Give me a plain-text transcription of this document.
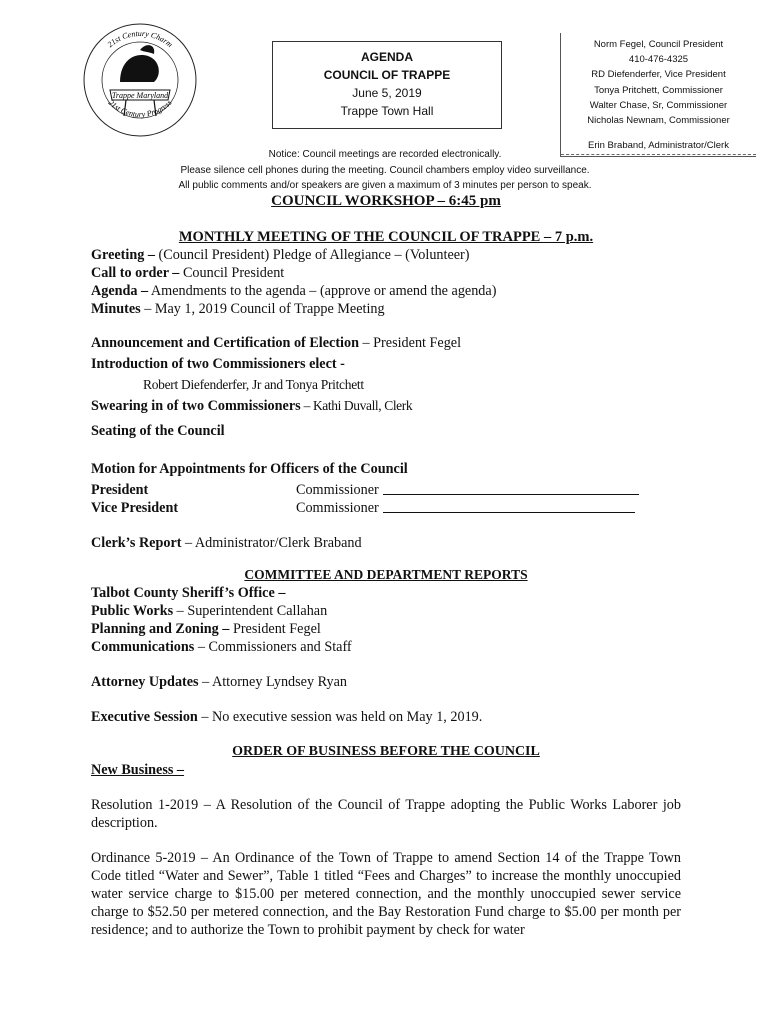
Trappe Maryland
21st Century Charm
21st Century Progress
AGENDA
COUNCIL OF TRAPPE
June 5, 2019
Trappe Town Hall
Norm Fegel, Council President
410-476-4325
RD Diefenderfer, Vice President
Tonya Pritchett, Commissioner
Walter Chase, Sr, Commissioner
Nicholas Newnam, Commissioner
Erin Braband, Administrator/Clerk
Notice: Council meetings are recorded electronically.
Please silence cell phones during the meeting. Council chambers employ video surveillance.
All public comments and/or speakers are given a maximum of 3 minutes per person to speak.
COUNCIL WORKSHOP – 6:45 pm
MONTHLY MEETING OF THE COUNCIL OF TRAPPE – 7 p.m.

Greeting – (Council President) Pledge of Allegiance – (Volunteer)

Call to order – Council President

Agenda – Amendments to the agenda – (approve or amend the agenda)

Minutes – May 1, 2019 Council of Trappe Meeting

Announcement and Certification of Election – President Fegel

Introduction of two Commissioners elect -

Robert Diefenderfer, Jr and Tonya Pritchett

Swearing in of two Commissioners – Kathi Duvall, Clerk

Seating of the Council

Motion for Appointments for Officers of the Council

President	Commissioner
Vice President	Commissioner

Clerk’s Report – Administrator/Clerk Braband

COMMITTEE AND DEPARTMENT REPORTS

Talbot County Sheriff’s Office –

Public Works – Superintendent Callahan

Planning and Zoning – President Fegel

Communications – Commissioners and Staff

Attorney Updates – Attorney Lyndsey Ryan

Executive Session – No executive session was held on May 1, 2019.

ORDER OF BUSINESS BEFORE THE COUNCIL

New Business –

Resolution 1-2019 – A Resolution of the Council of Trappe adopting the Public Works Laborer job description.

Ordinance 5-2019 – An Ordinance of the Town of Trappe to amend Section 14 of the Trappe Town Code titled “Water and Sewer”, Table 1 titled “Fees and Charges” to increase the monthly unoccupied water service charge to $15.00 per metered connection, and the monthly unoccupied sewer service charge to $52.50 per metered connection, and the Bay Restoration Fund charge to $5.00 per month per residence; and to authorize the Town to prohibit payment by check for water
